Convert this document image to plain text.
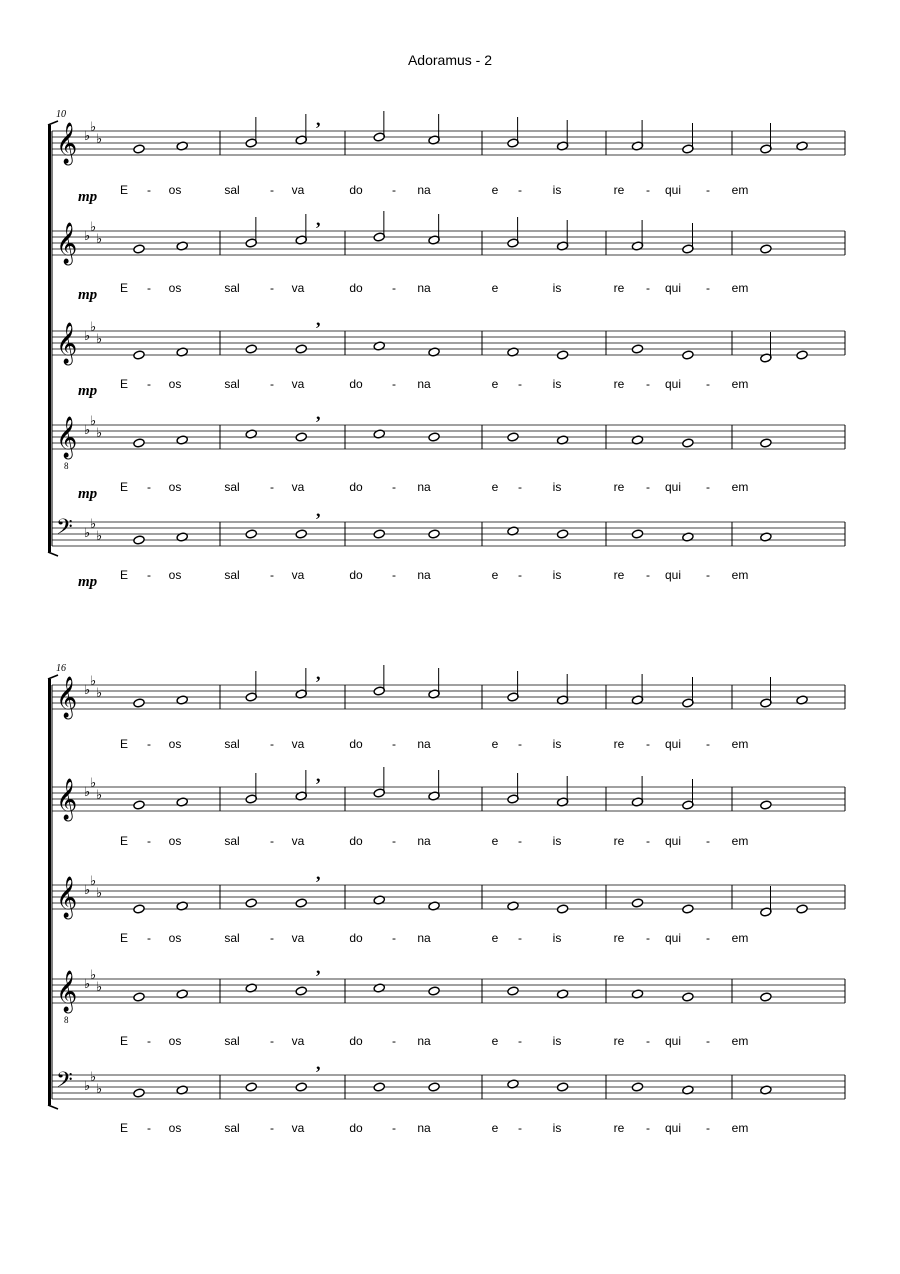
Adoramus - 2
𝄞 ♭
♭
♭
,
𝄞 ♭
♭
♭
,
𝄞 ♭
♭
♭
,
𝄞
8
♭
♭
♭
,
𝄢 ♭
♭
♭
,
𝄞 ♭
♭
♭
,
𝄞 ♭
♭
♭
,
𝄞 ♭
♭
♭
,
𝄞
8
♭
♭
♭
,
𝄢 ♭
♭
♭
,
10
E - os	sal	- va	do - na	e -	is	re - qui - em
mp
E - os	sal	- va	do - na	e	is	re - qui - em
mp
E - os	sal	- va	do - na	e -	is	re - qui - em
mp
E - os	sal	- va	do - na	e -	is	re - qui - em
mp
E - os	sal	- va	do - na	e -	is	re - qui - em
mp
16
E - os	sal	- va	do - na	e -	is	re - qui - em
E - os	sal	- va	do - na	e -	is	re - qui - em
E - os	sal	- va	do - na	e -	is	re - qui - em
E - os	sal	- va	do - na	e -	is	re - qui - em
E - os	sal	- va	do - na	e -	is	re - qui - em
